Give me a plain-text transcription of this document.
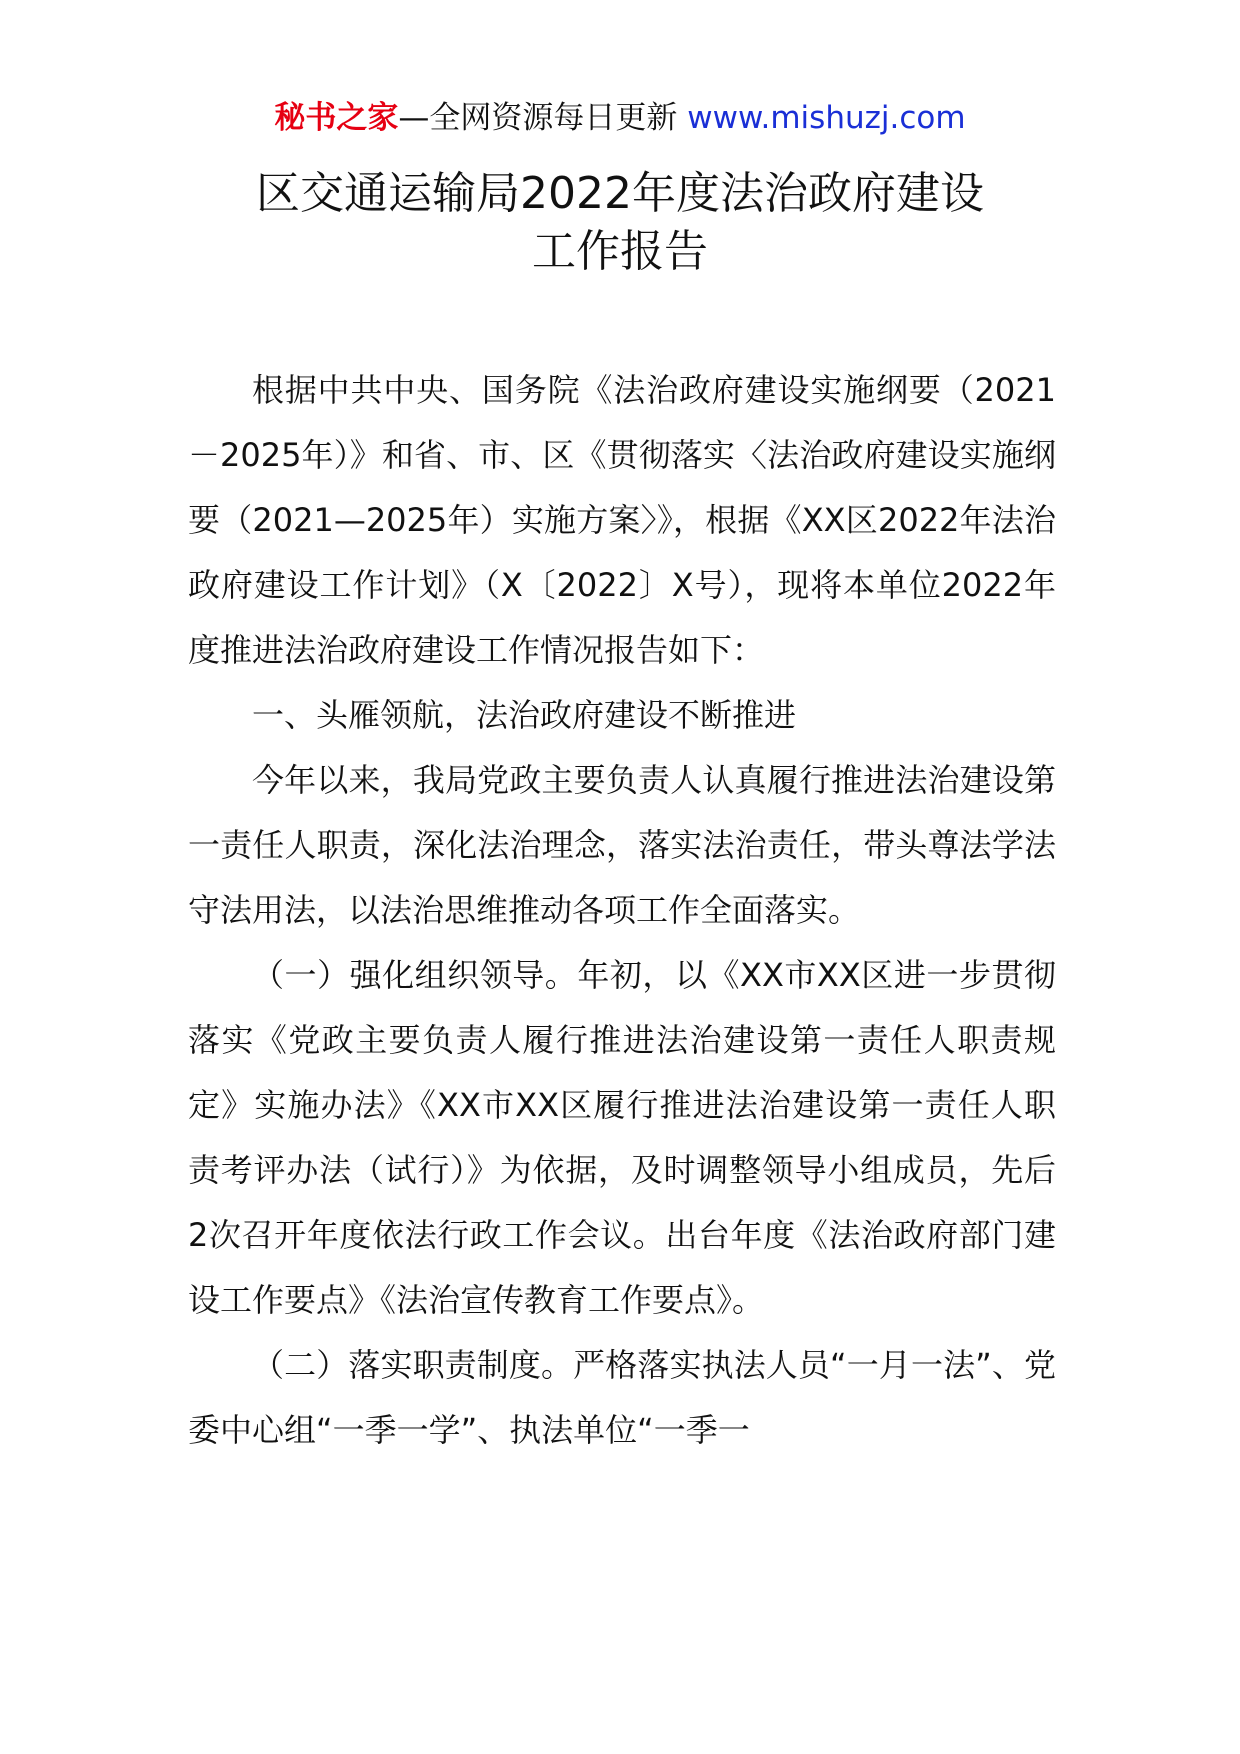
秘书之家—全网资源每日更新 www.mishuzj.com
区交通运输局2022年度法治政府建设
工作报告

根据中共中央、国务院《法治政府建设实施纲要（2021－2025年）》和省、市、区《贯彻落实〈法治政府建设实施纲要（2021—2025年）实施方案〉》，根据《XX区2022年法治政府建设工作计划》（X〔2022〕X号），现将本单位2022年度推进法治政府建设工作情况报告如下：

一、头雁领航，法治政府建设不断推进

今年以来，我局党政主要负责人认真履行推进法治建设第一责任人职责，深化法治理念，落实法治责任，带头尊法学法守法用法，以法治思维推动各项工作全面落实。

（一）强化组织领导。年初，以《XX市XX区进一步贯彻落实《党政主要负责人履行推进法治建设第一责任人职责规定》实施办法》《XX市XX区履行推进法治建设第一责任人职责考评办法（试行）》为依据，及时调整领导小组成员，先后2次召开年度依法行政工作会议。出台年度《法治政府部门建设工作要点》《法治宣传教育工作要点》。

（二）落实职责制度。严格落实执法人员“一月一法”、党委中心组“一季一学”、执法单位“一季一
